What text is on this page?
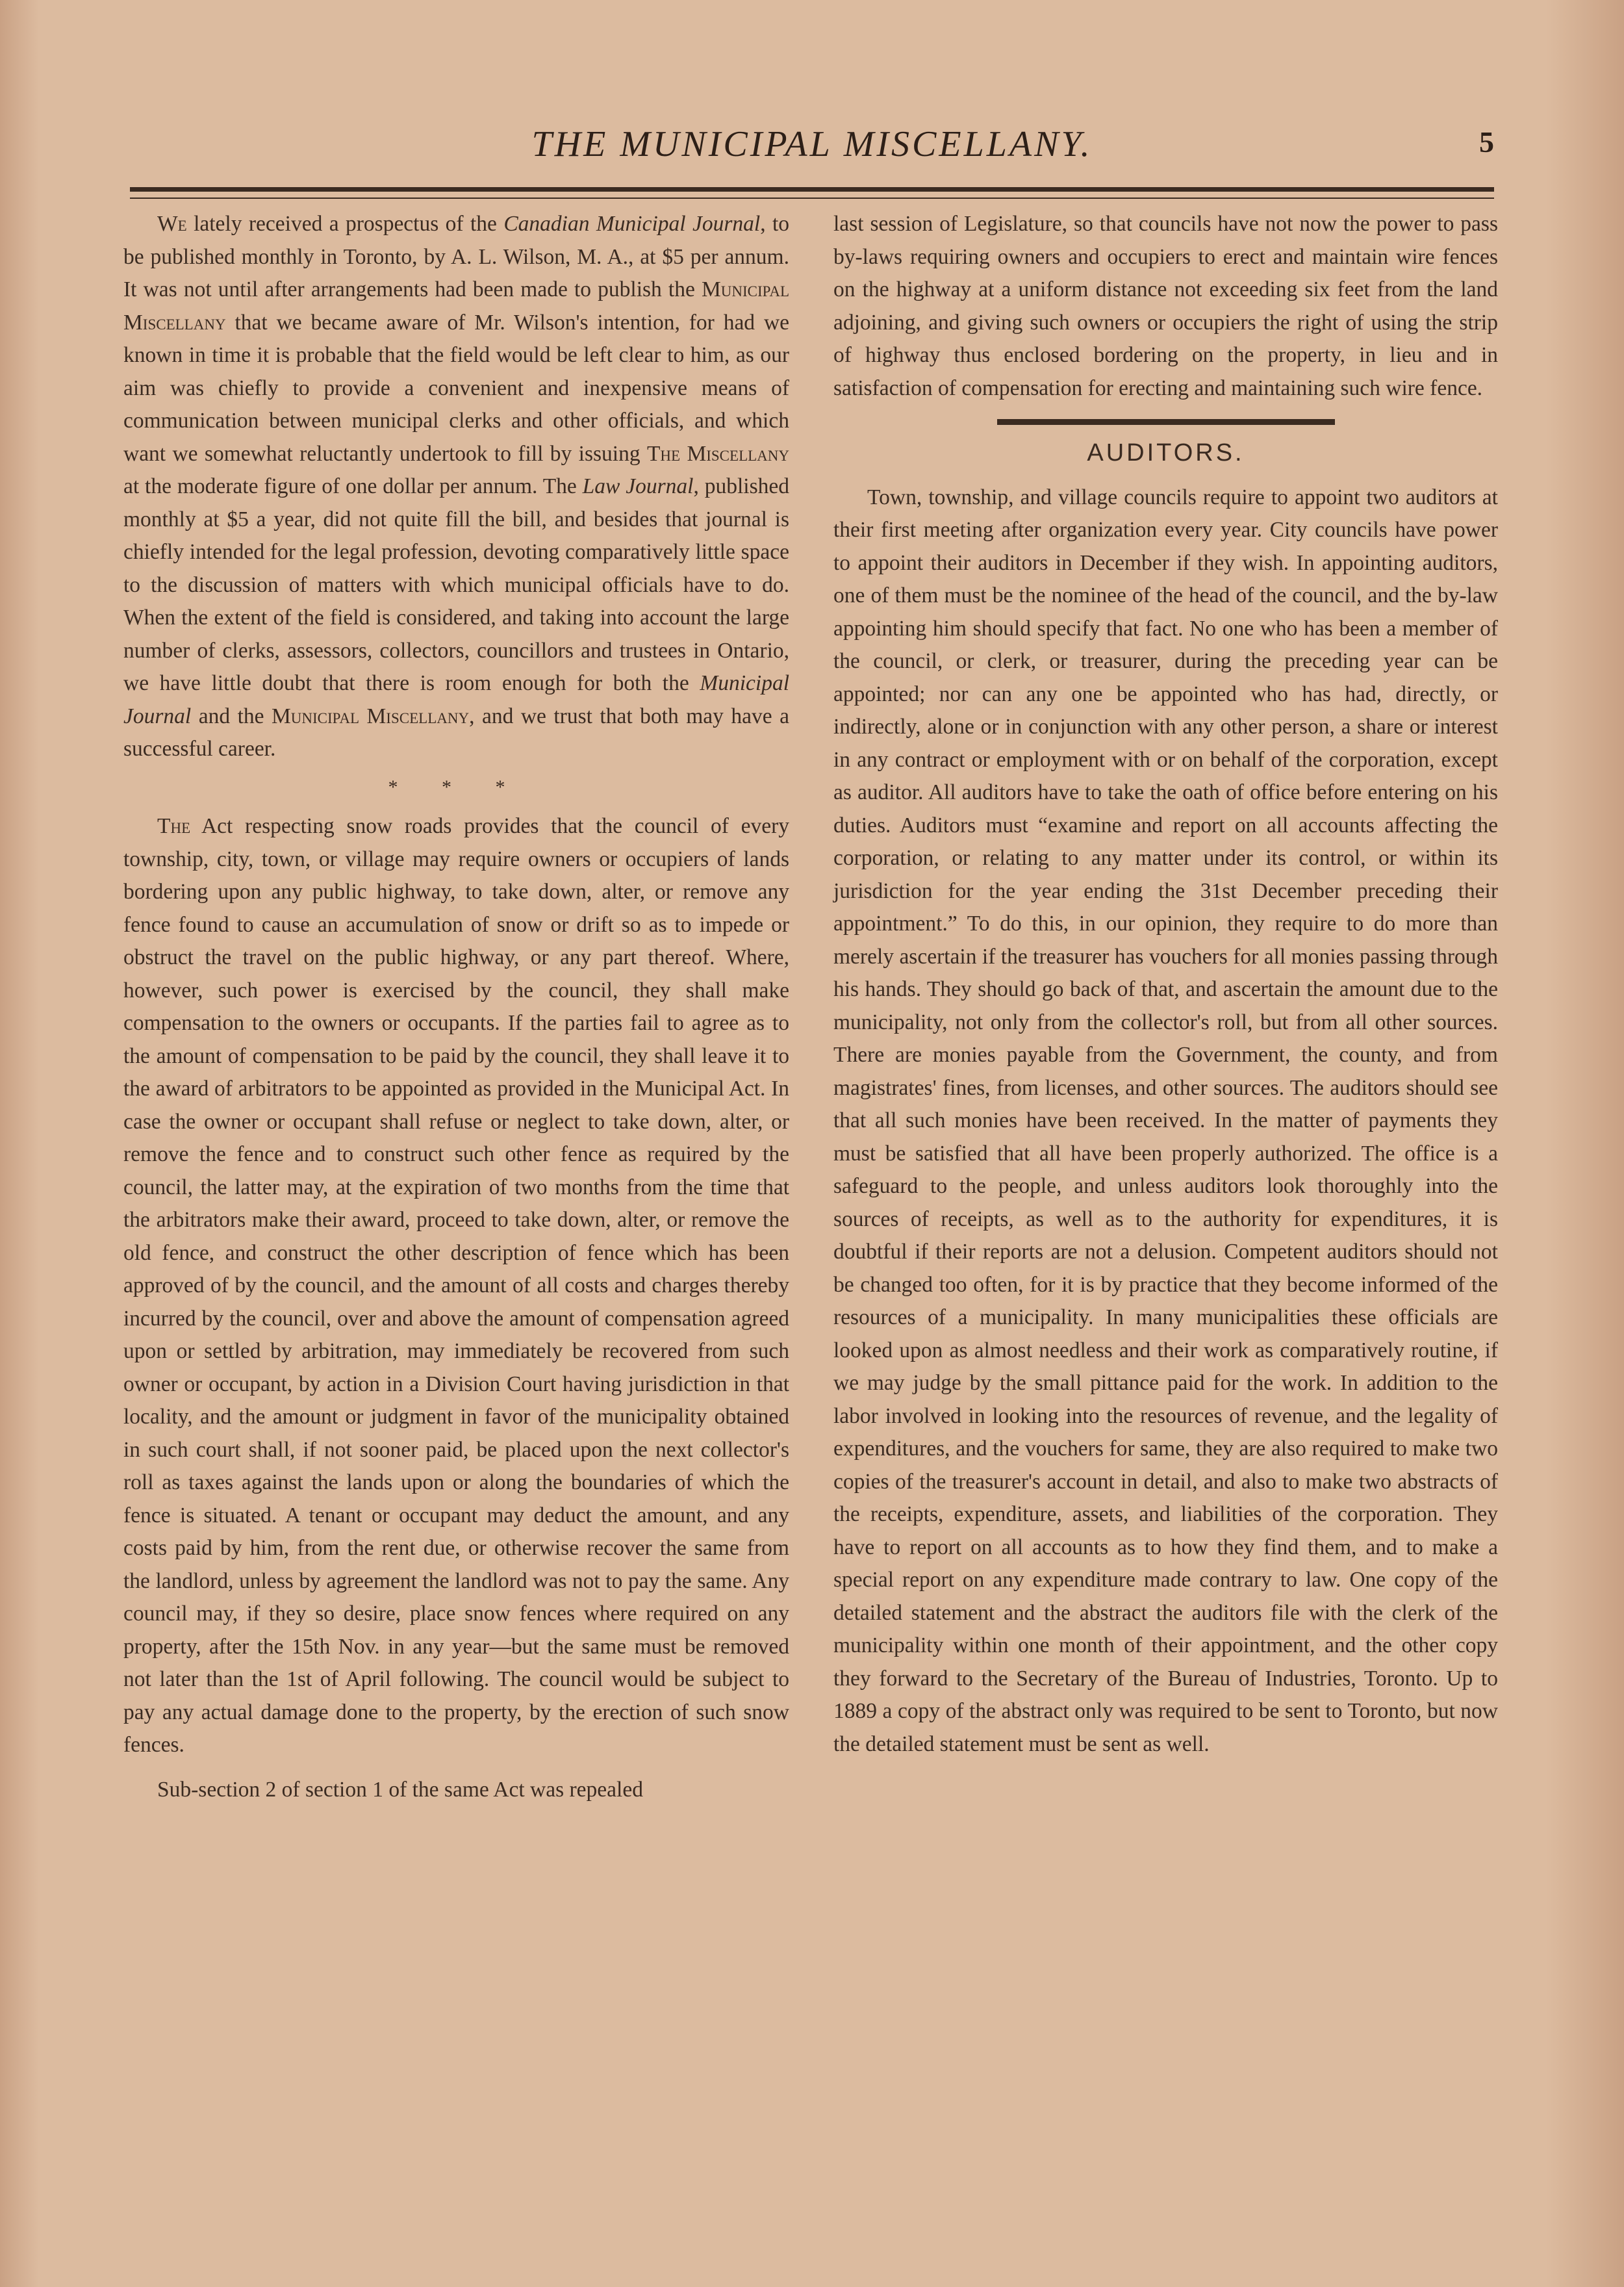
THE MUNICIPAL MISCELLANY.	5

We lately received a prospectus of the Canadian Municipal Journal, to be published monthly in Toronto, by A. L. Wilson, M. A., at $5 per annum. It was not until after arrangements had been made to publish the Municipal Miscellany that we became aware of Mr. Wilson's intention, for had we known in time it is probable that the field would be left clear to him, as our aim was chiefly to provide a convenient and inexpensive means of communication between municipal clerks and other officials, and which want we somewhat reluctantly undertook to fill by issuing The Miscellany at the moderate figure of one dollar per annum. The Law Journal, published monthly at $5 a year, did not quite fill the bill, and besides that journal is chiefly intended for the legal profession, devoting comparatively little space to the discussion of matters with which municipal officials have to do. When the extent of the field is considered, and taking into account the large number of clerks, assessors, collectors, councillors and trustees in Ontario, we have little doubt that there is room enough for both the Municipal Journal and the Municipal Miscellany, and we trust that both may have a successful career.

* * *

The Act respecting snow roads provides that the council of every township, city, town, or village may require owners or occupiers of lands bordering upon any public highway, to take down, alter, or remove any fence found to cause an accumulation of snow or drift so as to impede or obstruct the travel on the public highway, or any part thereof. Where, however, such power is exercised by the council, they shall make compensation to the owners or occupants. If the parties fail to agree as to the amount of compensation to be paid by the council, they shall leave it to the award of arbitrators to be appointed as provided in the Municipal Act. In case the owner or occupant shall refuse or neglect to take down, alter, or remove the fence and to construct such other fence as required by the council, the latter may, at the expiration of two months from the time that the arbitrators make their award, proceed to take down, alter, or remove the old fence, and construct the other description of fence which has been approved of by the council, and the amount of all costs and charges thereby incurred by the council, over and above the amount of compensation agreed upon or settled by arbitration, may immediately be recovered from such owner or occupant, by action in a Division Court having jurisdiction in that locality, and the amount or judgment in favor of the municipality obtained in such court shall, if not sooner paid, be placed upon the next collector's roll as taxes against the lands upon or along the boundaries of which the fence is situated. A tenant or occupant may deduct the amount, and any costs paid by him, from the rent due, or otherwise recover the same from the landlord, unless by agreement the landlord was not to pay the same. Any council may, if they so desire, place snow fences where required on any property, after the 15th Nov. in any year—but the same must be removed not later than the 1st of April following. The council would be subject to pay any actual damage done to the property, by the erection of such snow fences.

Sub-section 2 of section 1 of the same Act was repealed

last session of Legislature, so that councils have not now the power to pass by-laws requiring owners and occupiers to erect and maintain wire fences on the highway at a uniform distance not exceeding six feet from the land adjoining, and giving such owners or occupiers the right of using the strip of highway thus enclosed bordering on the property, in lieu and in satisfaction of compensation for erecting and maintaining such wire fence.

AUDITORS.

Town, township, and village councils require to appoint two auditors at their first meeting after organization every year. City councils have power to appoint their auditors in December if they wish. In appointing auditors, one of them must be the nominee of the head of the council, and the by-law appointing him should specify that fact. No one who has been a member of the council, or clerk, or treasurer, during the preceding year can be appointed; nor can any one be appointed who has had, directly, or indirectly, alone or in conjunction with any other person, a share or interest in any contract or employment with or on behalf of the corporation, except as auditor. All auditors have to take the oath of office before entering on his duties. Auditors must “examine and report on all accounts affecting the corporation, or relating to any matter under its control, or within its jurisdiction for the year ending the 31st December preceding their appointment.” To do this, in our opinion, they require to do more than merely ascertain if the treasurer has vouchers for all monies passing through his hands. They should go back of that, and ascertain the amount due to the municipality, not only from the collector's roll, but from all other sources. There are monies payable from the Government, the county, and from magistrates' fines, from licenses, and other sources. The auditors should see that all such monies have been received. In the matter of payments they must be satisfied that all have been properly authorized. The office is a safeguard to the people, and unless auditors look thoroughly into the sources of receipts, as well as to the authority for expenditures, it is doubtful if their reports are not a delusion. Competent auditors should not be changed too often, for it is by practice that they become informed of the resources of a municipality. In many municipalities these officials are looked upon as almost needless and their work as comparatively routine, if we may judge by the small pittance paid for the work. In addition to the labor involved in looking into the resources of revenue, and the legality of expenditures, and the vouchers for same, they are also required to make two copies of the treasurer's account in detail, and also to make two abstracts of the receipts, expenditure, assets, and liabilities of the corporation. They have to report on all accounts as to how they find them, and to make a special report on any expenditure made contrary to law. One copy of the detailed statement and the abstract the auditors file with the clerk of the municipality within one month of their appointment, and the other copy they forward to the Secretary of the Bureau of Industries, Toronto. Up to 1889 a copy of the abstract only was required to be sent to Toronto, but now the detailed statement must be sent as well.
